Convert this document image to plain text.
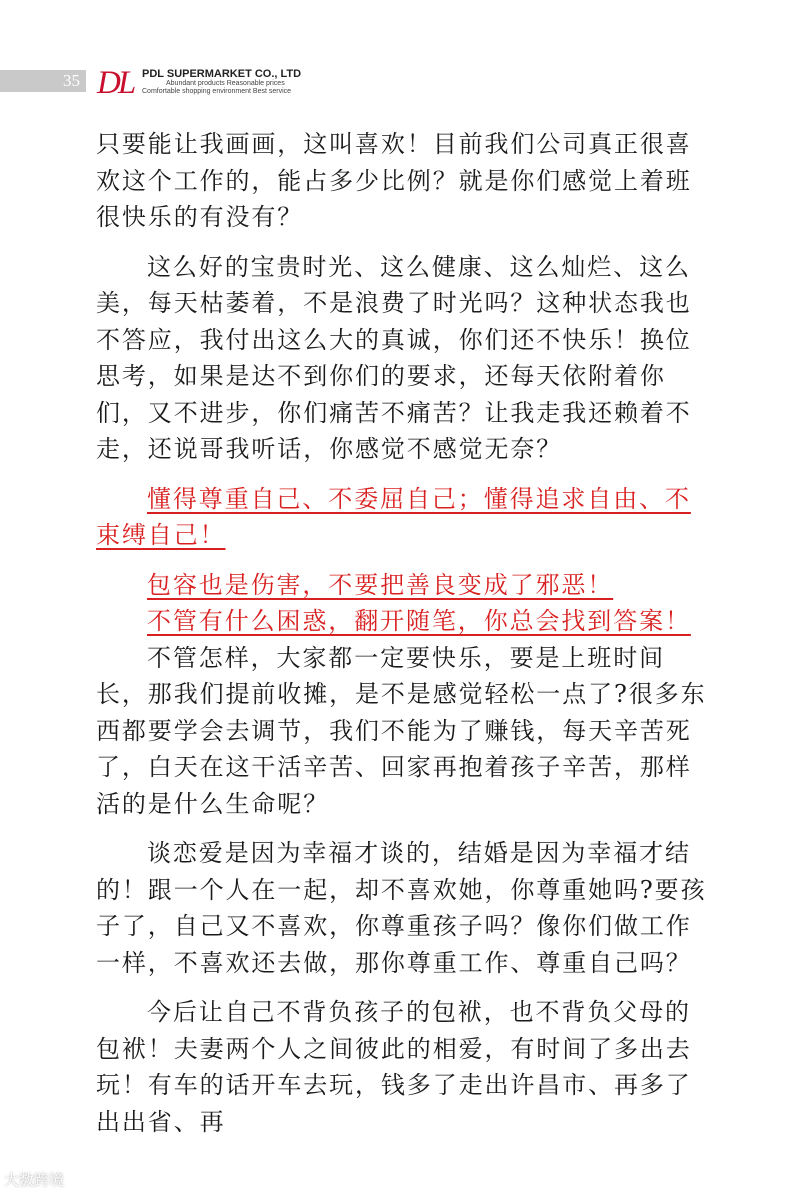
35 DL PDL SUPERMARKET CO., LTD
Abundant products Reasonable prices
Comfortable shopping environment Best service

只要能让我画画，这叫喜欢！目前我们公司真正很喜欢这个工作的，能占多少比例？就是你们感觉上着班很快乐的有没有？

这么好的宝贵时光、这么健康、这么灿烂、这么美，每天枯萎着，不是浪费了时光吗？这种状态我也不答应，我付出这么大的真诚，你们还不快乐！换位思考，如果是达不到你们的要求，还每天依附着你们，又不进步，你们痛苦不痛苦？让我走我还赖着不走，还说哥我听话，你感觉不感觉无奈？

懂得尊重自己、不委屈自己；懂得追求自由、不束缚自己！

包容也是伤害，不要把善良变成了邪恶！

不管有什么困惑，翻开随笔，你总会找到答案！

不管怎样，大家都一定要快乐，要是上班时间长，那我们提前收摊，是不是感觉轻松一点了?很多东西都要学会去调节，我们不能为了赚钱，每天辛苦死了，白天在这干活辛苦、回家再抱着孩子辛苦，那样活的是什么生命呢？

谈恋爱是因为幸福才谈的，结婚是因为幸福才结的！跟一个人在一起，却不喜欢她，你尊重她吗?要孩子了，自己又不喜欢，你尊重孩子吗？像你们做工作一样，不喜欢还去做，那你尊重工作、尊重自己吗？

今后让自己不背负孩子的包袱，也不背负父母的包袱！夫妻两个人之间彼此的相爱，有时间了多出去玩！有车的话开车去玩，钱多了走出许昌市、再多了出出省、再

大数跨境
